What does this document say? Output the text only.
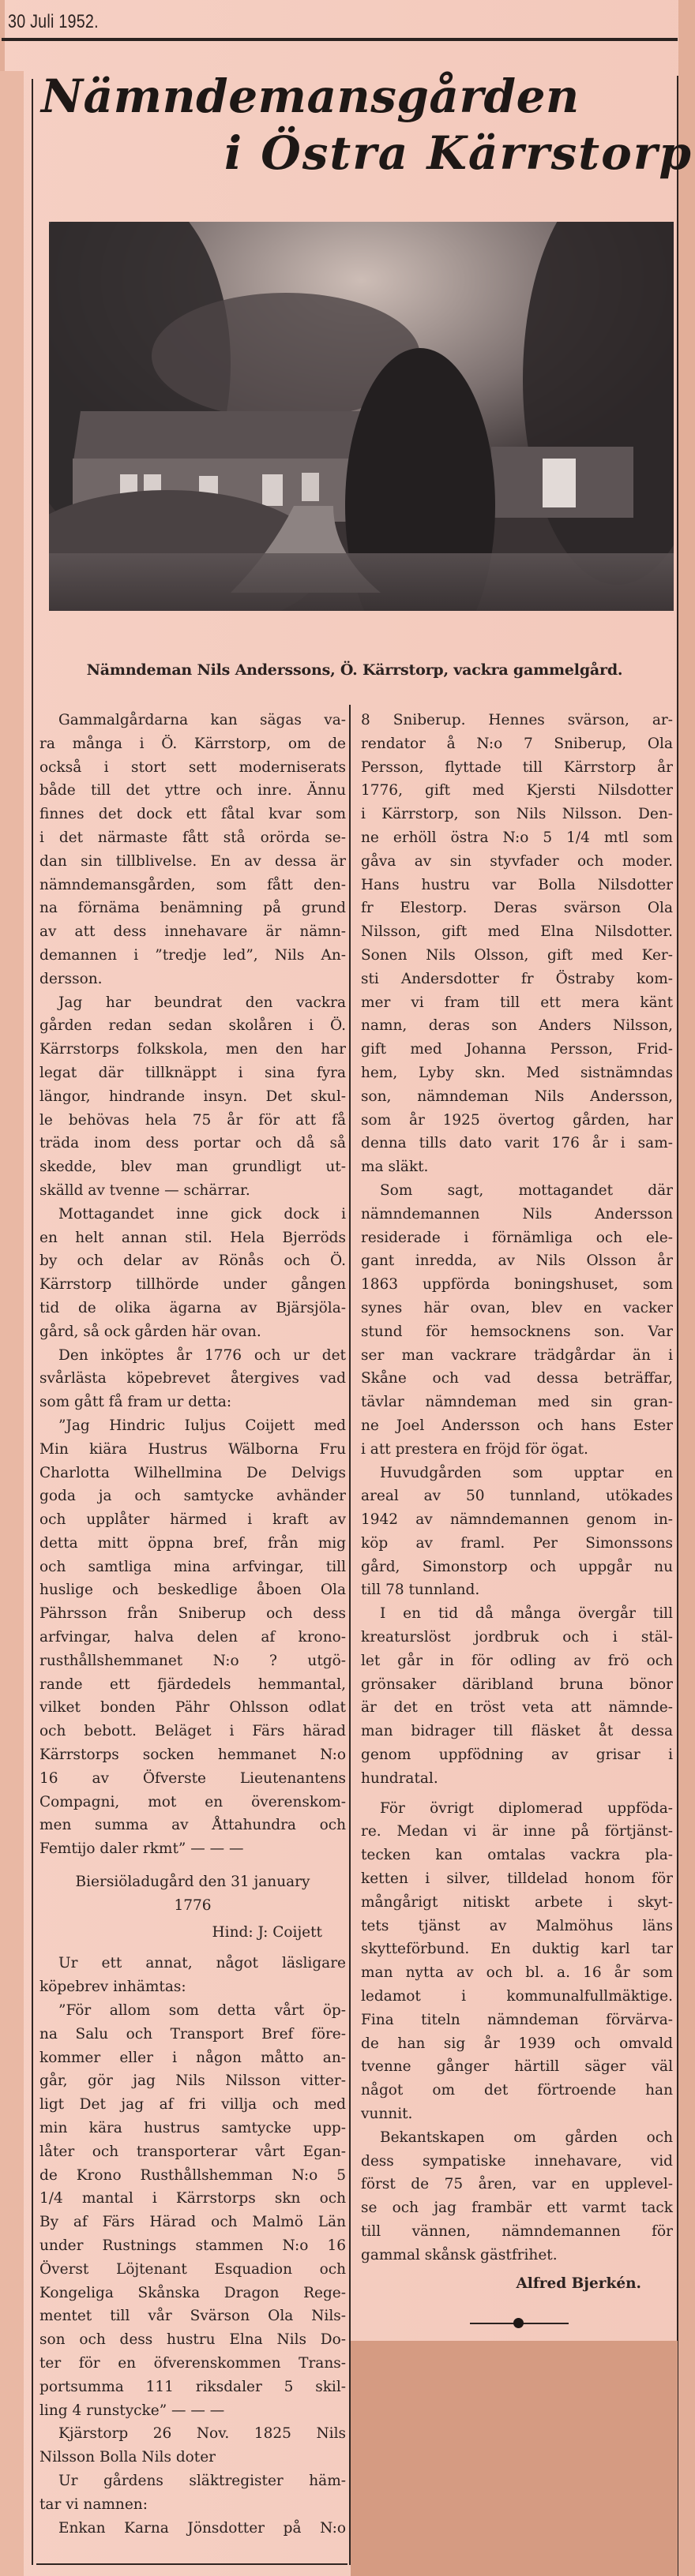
30 Juli 1952.
Nämndemansgården
i Östra Kärrstorp
Nämndeman Nils Anderssons, Ö. Kärrstorp, vackra gammelgård.
Gammalgårdarna kan sägas va-
ra många i Ö. Kärrstorp, om de
också i stort sett moderniserats
både till det yttre och inre. Ännu
finnes det dock ett fåtal kvar som
i det närmaste fått stå orörda se-
dan sin tillblivelse. En av dessa är
nämndemansgården, som fått den-
na förnäma benämning på grund
av att dess innehavare är nämn-
demannen i ”tredje led”, Nils An-
dersson.
Jag har beundrat den vackra
gården redan sedan skolåren i Ö.
Kärrstorps folkskola, men den har
legat där tillknäppt i sina fyra
längor, hindrande insyn. Det skul-
le behövas hela 75 år för att få
träda inom dess portar och då så
skedde, blev man grundligt ut-
skälld av tvenne — schärrar.
Mottagandet inne gick dock i
en helt annan stil. Hela Bjerröds
by och delar av Rönås och Ö.
Kärrstorp tillhörde under gången
tid de olika ägarna av Bjärsjöla-
gård, så ock gården här ovan.
Den inköptes år 1776 och ur det
svårlästa köpebrevet återgives vad
som gått få fram ur detta:
”Jag Hindric Iuljus Coijett med
Min kiära Hustrus Wälborna Fru
Charlotta Wilhellmina De Delvigs
goda ja och samtycke avhänder
och upplåter härmed i kraft av
detta mitt öppna bref, från mig
och samtliga mina arfvingar, till
huslige och beskedlige åboen Ola
Pährsson från Sniberup och dess
arfvingar, halva delen af krono-
rusthållshemmanet N:o ? utgö-
rande ett fjärdedels hemmantal,
vilket bonden Pähr Ohlsson odlat
och bebott. Beläget i Färs härad
Kärrstorps socken hemmanet N:o
16 av Öfverste Lieutenantens
Compagni, mot en överenskom-
men summa av Åttahundra och
Femtijo daler rkmt” — — —
Biersiöladugård den 31 january
1776
Hind: J: Coijett
Ur ett annat, något läsligare
köpebrev inhämtas:
”För allom som detta vårt öp-
na Salu och Transport Bref före-
kommer eller i någon måtto an-
går, gör jag Nils Nilsson vitter-
ligt Det jag af fri villja och med
min kära hustrus samtycke upp-
låter och transporterar vårt Egan-
de Krono Rusthållshemman N:o 5
1/4 mantal i Kärrstorps skn och
By af Färs Härad och Malmö Län
under Rustnings stammen N:o 16
Överst Löjtenant Esquadion och
Kongeliga Skånska Dragon Rege-
mentet till vår Svärson Ola Nils-
son och dess hustru Elna Nils Do-
ter för en öfverenskommen Trans-
portsumma 111 riksdaler 5 skil-
ling 4 runstycke” — — —
Kjärstorp 26 Nov. 1825 Nils
Nilsson Bolla Nils doter
Ur gårdens släktregister häm-
tar vi namnen:
Enkan Karna Jönsdotter på N:o
8 Sniberup. Hennes svärson, ar-
rendator å N:o 7 Sniberup, Ola
Persson, flyttade till Kärrstorp år
1776, gift med Kjersti Nilsdotter
i Kärrstorp, son Nils Nilsson. Den-
ne erhöll östra N:o 5 1/4 mtl som
gåva av sin styvfader och moder.
Hans hustru var Bolla Nilsdotter
fr Elestorp. Deras svärson Ola
Nilsson, gift med Elna Nilsdotter.
Sonen Nils Olsson, gift med Ker-
sti Andersdotter fr Östraby kom-
mer vi fram till ett mera känt
namn, deras son Anders Nilsson,
gift med Johanna Persson, Frid-
hem, Lyby skn. Med sistnämndas
son, nämndeman Nils Andersson,
som år 1925 övertog gården, har
denna tills dato varit 176 år i sam-
ma släkt.
Som sagt, mottagandet där
nämndemannen Nils Andersson
residerade i förnämliga och ele-
gant inredda, av Nils Olsson år
1863 uppförda boningshuset, som
synes här ovan, blev en vacker
stund för hemsocknens son. Var
ser man vackrare trädgårdar än i
Skåne och vad dessa beträffar,
tävlar nämndeman med sin gran-
ne Joel Andersson och hans Ester
i att prestera en fröjd för ögat.
Huvudgården som upptar en
areal av 50 tunnland, utökades
1942 av nämndemannen genom in-
köp av framl. Per Simonssons
gård, Simonstorp och uppgår nu
till 78 tunnland.
I en tid då många övergår till
kreaturslöst jordbruk och i stäl-
let går in för odling av frö och
grönsaker däribland bruna bönor
är det en tröst veta att nämnde-
man bidrager till fläsket åt dessa
genom uppfödning av grisar i
hundratal.
För övrigt diplomerad uppföda-
re. Medan vi är inne på förtjänst-
tecken kan omtalas vackra pla-
ketten i silver, tilldelad honom för
mångårigt nitiskt arbete i skyt-
tets tjänst av Malmöhus läns
skytteförbund. En duktig karl tar
man nytta av och bl. a. 16 år som
ledamot i kommunalfullmäktige.
Fina titeln nämndeman förvärva-
de han sig år 1939 och omvald
tvenne gånger härtill säger väl
något om det förtroende han
vunnit.
Bekantskapen om gården och
dess sympatiske innehavare, vid
först de 75 åren, var en upplevel-
se och jag frambär ett varmt tack
till vännen, nämndemannen för
gammal skånsk gästfrihet.
Alfred Bjerkén.
